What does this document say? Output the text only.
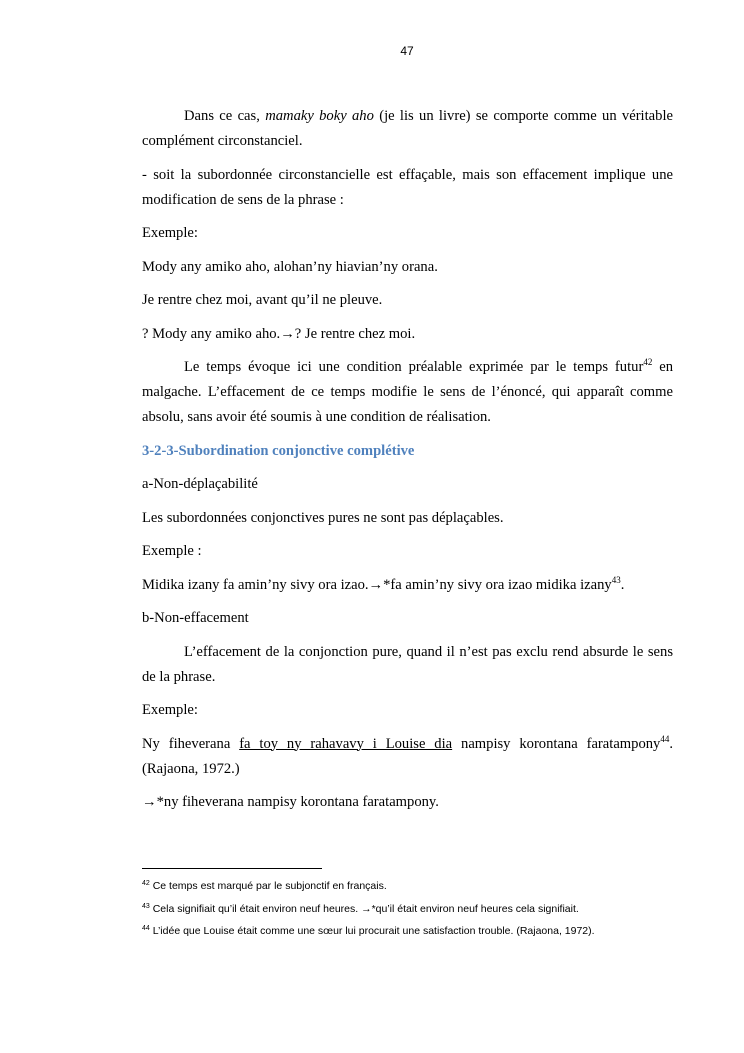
47

Dans ce cas, mamaky boky aho (je lis un livre) se comporte comme un véritable complément circonstanciel.

- soit la subordonnée circonstancielle est effaçable, mais son effacement implique une modification de sens de la phrase :

Exemple:

Mody any amiko aho, alohan’ny hiavian’ny orana.

Je rentre chez moi, avant qu’il ne pleuve.

? Mody any amiko aho.→? Je rentre chez moi.

Le temps évoque ici une condition préalable exprimée par le temps futur$^{42}$ en malgache. L’effacement de ce temps modifie le sens de l’énoncé, qui apparaît comme absolu, sans avoir été soumis à une condition de réalisation.

3-2-3-Subordination conjonctive complétive

a-Non-déplaçabilité

Les subordonnées conjonctives pures ne sont pas déplaçables.

Exemple :

Midika izany fa amin’ny sivy ora izao.→*fa amin’ny sivy ora izao midika izany$^{43}$.

b-Non-effacement

L’effacement de la conjonction pure, quand il n’est pas exclu rend absurde le sens de la phrase.

Exemple:

Ny fiheverana fa toy ny rahavavy i Louise dia nampisy korontana faratampony$^{44}$. (Rajaona, 1972.)

→*ny fiheverana nampisy korontana faratampony.

$^{42}$ Ce temps est marqué par le subjonctif en français.
$^{43}$ Cela signifiait qu’il était environ neuf heures. →*qu’il était environ neuf heures cela signifiait.
$^{44}$ L’idée que Louise était comme une sœur lui procurait une satisfaction trouble. (Rajaona, 1972).
